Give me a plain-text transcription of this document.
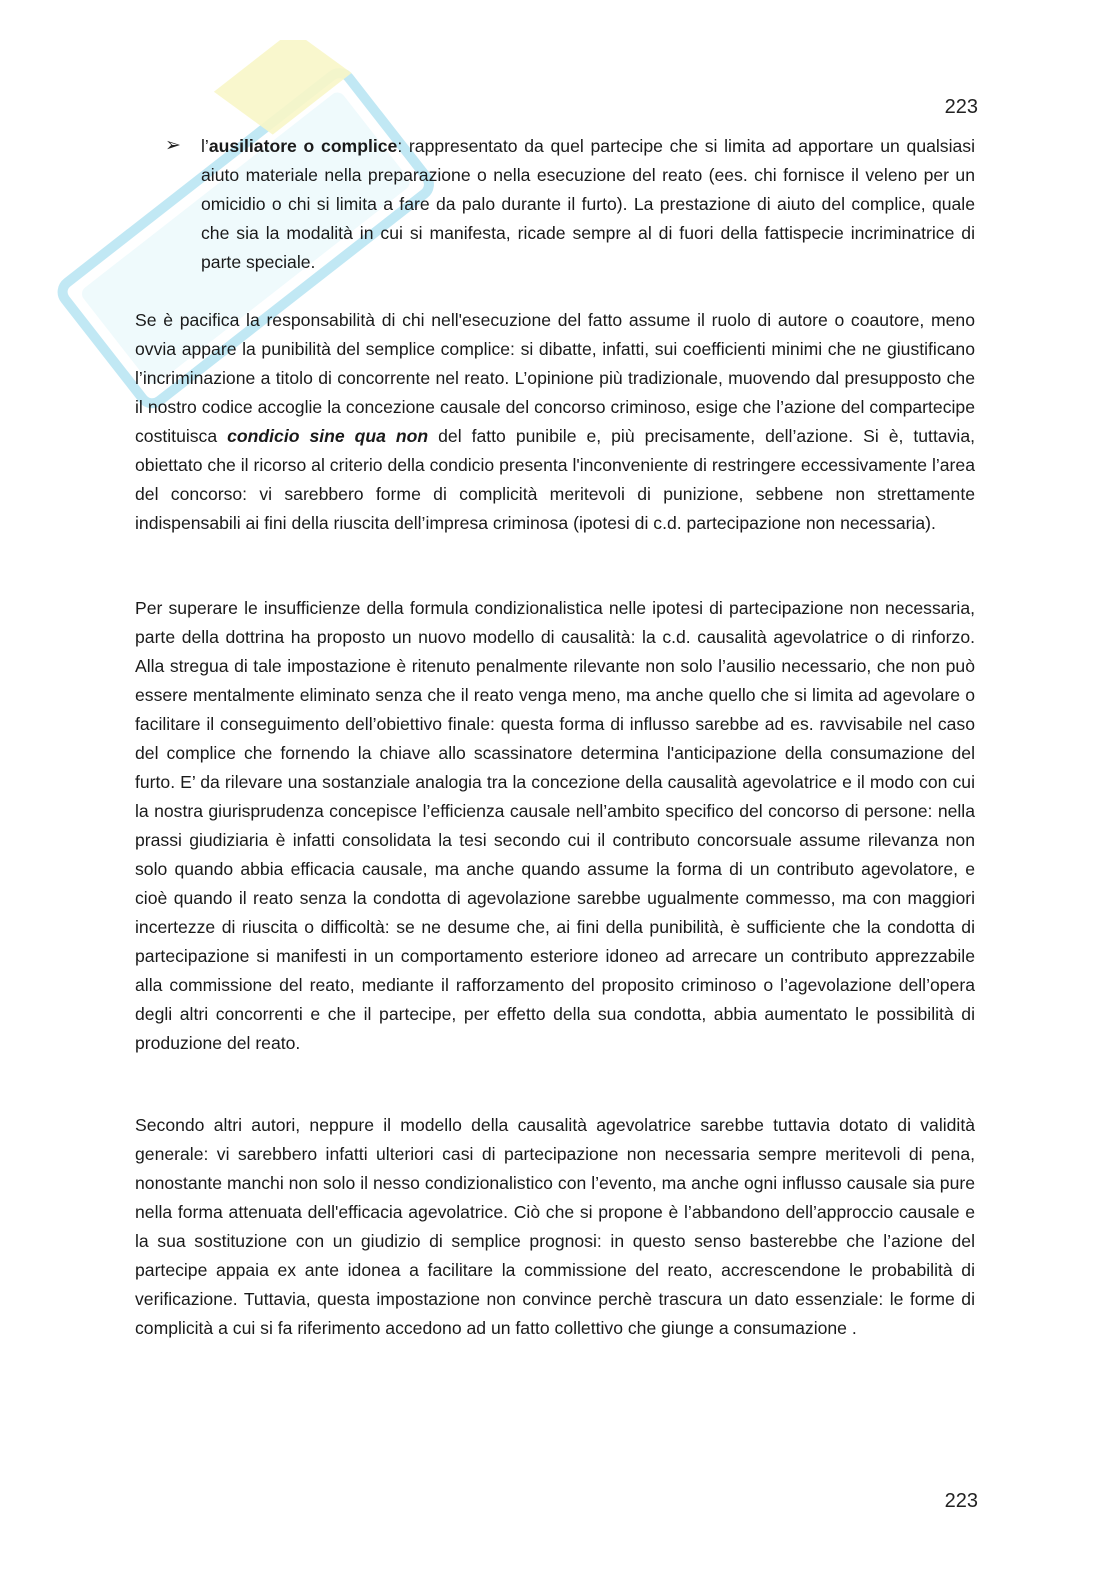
223
➢ l’ausiliatore o complice: rappresentato da quel partecipe che si limita ad apportare un qualsiasi aiuto materiale nella preparazione o nella esecuzione del reato (ees. chi fornisce il veleno per un omicidio o chi si limita a fare da palo durante il furto). La prestazione di aiuto del complice, quale che sia la modalità in cui si manifesta, ricade sempre al di fuori della fattispecie incriminatrice di parte speciale.

Se è pacifica la responsabilità di chi nell'esecuzione del fatto assume il ruolo di autore o coautore, meno ovvia appare la punibilità del semplice complice: si dibatte, infatti, sui coefficienti minimi che ne giustificano l’incriminazione a titolo di concorrente nel reato. L’opinione più tradizionale, muovendo dal presupposto che il nostro codice accoglie la concezione causale del concorso criminoso, esige che l’azione del compartecipe costituisca condicio sine qua non del fatto punibile e, più precisamente, dell’azione. Si è, tuttavia, obiettato che il ricorso al criterio della condicio presenta l'inconveniente di restringere eccessivamente l’area del concorso: vi sarebbero forme di complicità meritevoli di punizione, sebbene non strettamente indispensabili ai fini della riuscita dell’impresa criminosa (ipotesi di c.d. partecipazione non necessaria).

Per superare le insufficienze della formula condizionalistica nelle ipotesi di partecipazione non necessaria, parte della dottrina ha proposto un nuovo modello di causalità: la c.d. causalità agevolatrice o di rinforzo. Alla stregua di tale impostazione è ritenuto penalmente rilevante non solo l’ausilio necessario, che non può essere mentalmente eliminato senza che il reato venga meno, ma anche quello che si limita ad agevolare o facilitare il conseguimento dell’obiettivo finale: questa forma di influsso sarebbe ad es. ravvisabile nel caso del complice che fornendo la chiave allo scassinatore determina l'anticipazione della consumazione del furto. E’ da rilevare una sostanziale analogia tra la concezione della causalità agevolatrice e il modo con cui la nostra giurisprudenza concepisce l’efficienza causale nell’ambito specifico del concorso di persone: nella prassi giudiziaria è infatti consolidata la tesi secondo cui il contributo concorsuale assume rilevanza non solo quando abbia efficacia causale, ma anche quando assume la forma di un contributo agevolatore, e cioè quando il reato senza la condotta di agevolazione sarebbe ugualmente commesso, ma con maggiori incertezze di riuscita o difficoltà: se ne desume che, ai fini della punibilità, è sufficiente che la condotta di partecipazione si manifesti in un comportamento esteriore idoneo ad arrecare un contributo apprezzabile alla commissione del reato, mediante il rafforzamento del proposito criminoso o l’agevolazione dell’opera degli altri concorrenti e che il partecipe, per effetto della sua condotta, abbia aumentato le possibilità di produzione del reato.

Secondo altri autori, neppure il modello della causalità agevolatrice sarebbe tuttavia dotato di validità generale: vi sarebbero infatti ulteriori casi di partecipazione non necessaria sempre meritevoli di pena, nonostante manchi non solo il nesso condizionalistico con l’evento, ma anche ogni influsso causale sia pure nella forma attenuata dell'efficacia agevolatrice. Ciò che si propone è l’abbandono dell’approccio causale e la sua sostituzione con un giudizio di semplice prognosi: in questo senso basterebbe che l’azione del partecipe appaia ex ante idonea a facilitare la commissione del reato, accrescendone le probabilità di verificazione. Tuttavia, questa impostazione non convince perchè trascura un dato essenziale: le forme di complicità a cui si fa riferimento accedono ad un fatto collettivo che giunge a consumazione .

223
